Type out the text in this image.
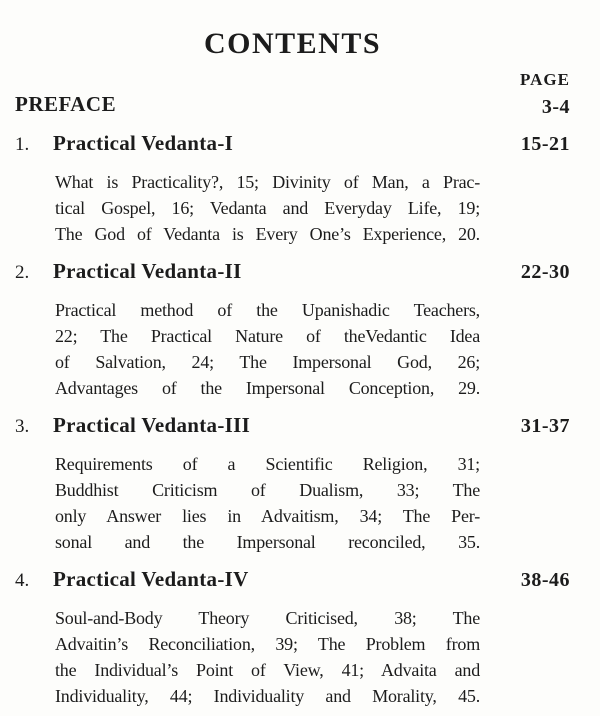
CONTENTS
PAGE
PREFACE	3-4
1.	Practical Vedanta-I	15-21
What is Practicality?, 15; Divinity of Man, a Prac-
tical Gospel, 16; Vedanta and Everyday Life, 19;
The God of Vedanta is Every One’s Experience, 20.
2.	Practical Vedanta-II	22-30
Practical method of the Upanishadic Teachers,
22; The Practical Nature of theVedantic Idea
of Salvation, 24; The Impersonal God, 26;
Advantages of the Impersonal Conception, 29.
3.	Practical Vedanta-III	31-37
Requirements of a Scientific Religion, 31;
Buddhist Criticism of Dualism, 33; The
only Answer lies in Advaitism, 34; The Per-
sonal and the Impersonal reconciled, 35.
4.	Practical Vedanta-IV	38-46
Soul-and-Body Theory Criticised, 38; The
Advaitin’s Reconciliation, 39; The Problem from
the Individual’s Point of View, 41; Advaita and
Individuality, 44; Individuality and Morality, 45.
